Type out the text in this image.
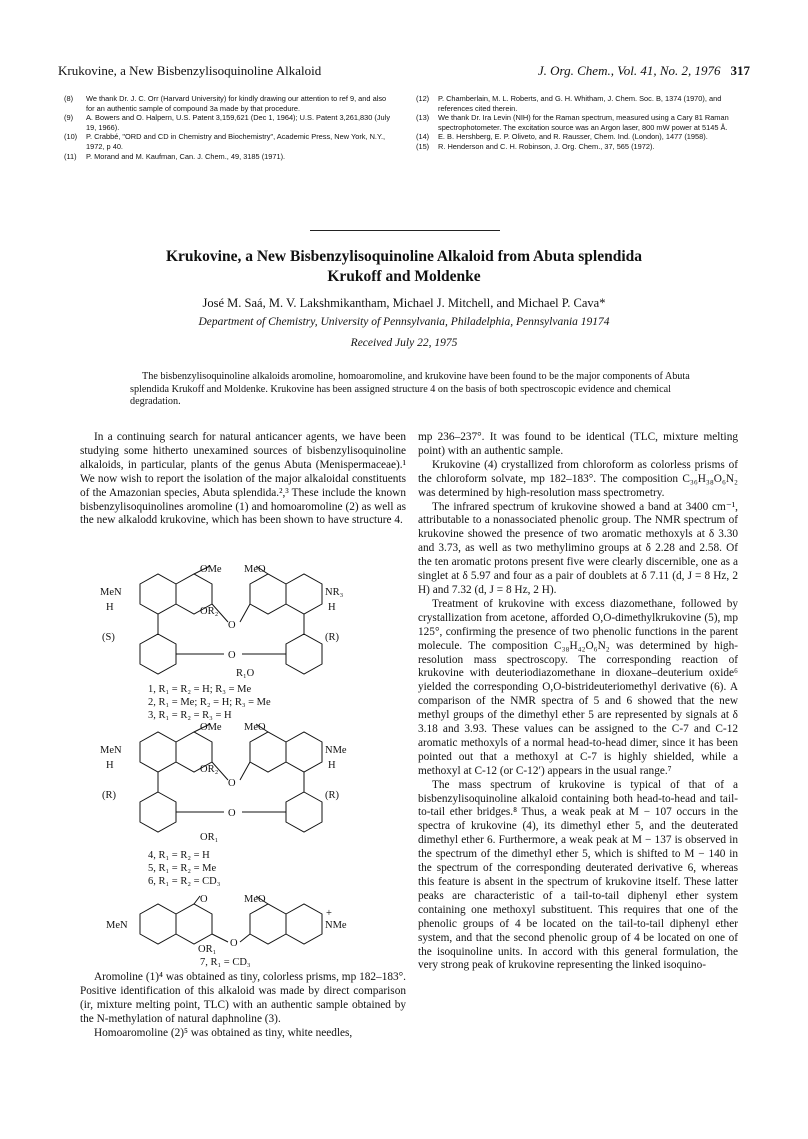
Krukovine, a New Bisbenzylisoquinoline Alkaloid	J. Org. Chem., Vol. 41, No. 2, 1976 317
(8)	We thank Dr. J. C. Orr (Harvard University) for kindly drawing our attention to ref 9, and also for an authentic sample of compound 3a made by that procedure.
(9)	A. Bowers and O. Halpern, U.S. Patent 3,159,621 (Dec 1, 1964); U.S. Patent 3,261,830 (July 19, 1966).
(10)	P. Crabbé, "ORD and CD in Chemistry and Biochemistry", Academic Press, New York, N.Y., 1972, p 40.
(11)	P. Morand and M. Kaufman, Can. J. Chem., 49, 3185 (1971).
(12)	P. Chamberlain, M. L. Roberts, and G. H. Whitham, J. Chem. Soc. B, 1374 (1970), and references cited therein.
(13)	We thank Dr. Ira Levin (NIH) for the Raman spectrum, measured using a Cary 81 Raman spectrophotometer. The excitation source was an Argon laser, 800 mW power at 5145 Å.
(14)	E. B. Hershberg, E. P. Oliveto, and R. Rausser, Chem. Ind. (London), 1477 (1958).
(15)	R. Henderson and C. H. Robinson, J. Org. Chem., 37, 565 (1972).
Krukovine, a New Bisbenzylisoquinoline Alkaloid from Abuta splendida
Krukoff and Moldenke
José M. Saá, M. V. Lakshmikantham, Michael J. Mitchell, and Michael P. Cava*
Department of Chemistry, University of Pennsylvania, Philadelphia, Pennsylvania 19174
Received July 22, 1975
The bisbenzylisoquinoline alkaloids aromoline, homoaromoline, and krukovine have been found to be the major components of Abuta splendida Krukoff and Moldenke. Krukovine has been assigned structure 4 on the basis of both spectroscopic evidence and chemical degradation.

In a continuing search for natural anticancer agents, we have been studying some hitherto unexamined sources of bisbenzylisoquinoline alkaloids, in particular, plants of the genus Abuta (Menispermaceae).¹ We now wish to report the isolation of the major alkaloidal constituents of the Amazonian species, Abuta splendida.²,³ These include the known bisbenzylisoquinolines aromoline (1) and homoaromoline (2) as well as the new alkalodd krukovine, which has been shown to have structure 4.

OMe MeO
MeN
OR₂
NR₃
H	H
O
(S)	(R)
O
R₁O
1, R₁ = R₂ = H; R₃ = Me
2, R₁ = Me; R₂ = H; R₃ = Me
3, R₁ = R₂ = R₃ = H
OMe MeO
MeN
OR₂
NMe
H	H
O
(R)	(R)
O
OR₁
4, R₁ = R₂ = H
5, R₁ = R₂ = Me
6, R₁ = R₂ = CD₃
O	MeO
MeN
OR₁
O
NMe
+
7, R₁ = CD₃

Aromoline (1)⁴ was obtained as tiny, colorless prisms, mp 182–183°. Positive identification of this alkaloid was made by direct comparison (ir, mixture melting point, TLC) with an authentic sample obtained by the N-methylation of natural daphnoline (3).

Homoaromoline (2)⁵ was obtained as tiny, white needles,

mp 236–237°. It was found to be identical (TLC, mixture melting point) with an authentic sample.

Krukovine (4) crystallized from chloroform as colorless prisms of the chloroform solvate, mp 182–183°. The composition C₃₆H₃₈O₆N₂ was determined by high-resolution mass spectrometry.

The infrared spectrum of krukovine showed a band at 3400 cm⁻¹, attributable to a nonassociated phenolic group. The NMR spectrum of krukovine showed the presence of two aromatic methoxyls at δ 3.30 and 3.73, as well as two methylimino groups at δ 2.28 and 2.58. Of the ten aromatic protons present five were clearly discernible, one as a singlet at δ 5.97 and four as a pair of doublets at δ 7.11 (d, J = 8 Hz, 2 H) and 7.32 (d, J = 8 Hz, 2 H).

Treatment of krukovine with excess diazomethane, followed by crystallization from acetone, afforded O,O-dimethylkrukovine (5), mp 125°, confirming the presence of two phenolic functions in the parent molecule. The composition C₃₈H₄₂O₆N₂ was determined by high-resolution mass spectroscopy. The corresponding reaction of krukovine with deuteriodiazomethane in dioxane–deuterium oxide⁶ yielded the corresponding O,O-bistrideuteriomethyl derivative (6). A comparison of the NMR spectra of 5 and 6 showed that the new methyl groups of the dimethyl ether 5 are represented by signals at δ 3.18 and 3.93. These values can be assigned to the C-7 and C-12 aromatic methoxyls of a normal head-to-head dimer, since it has been pointed out that a methoxyl at C-7 is highly shielded, while a methoxyl at C-12 (or C-12′) appears in the usual range.⁷

The mass spectrum of krukovine is typical of that of a bisbenzylisoquinoline alkaloid containing both head-to-head and tail-to-tail ether bridges.⁸ Thus, a weak peak at M − 107 occurs in the spectra of krukovine (4), its dimethyl ether 5, and the deuterated dimethyl ether 6. Furthermore, a weak peak at M − 137 is observed in the spectrum of the dimethyl ether 5, which is shifted to M − 140 in the spectrum of the corresponding deuterated derivative 6, whereas this feature is absent in the spectrum of krukovine itself. These latter peaks are characteristic of a tail-to-tail diphenyl ether system containing one methoxyl substituent. This requires that one of the phenolic groups of 4 be located on the tail-to-tail diphenyl ether system, and that the second phenolic group of 4 be located on one of the isoquinoline units. In accord with this general formulation, the very strong peak of krukovine representing the linked isoquino-
